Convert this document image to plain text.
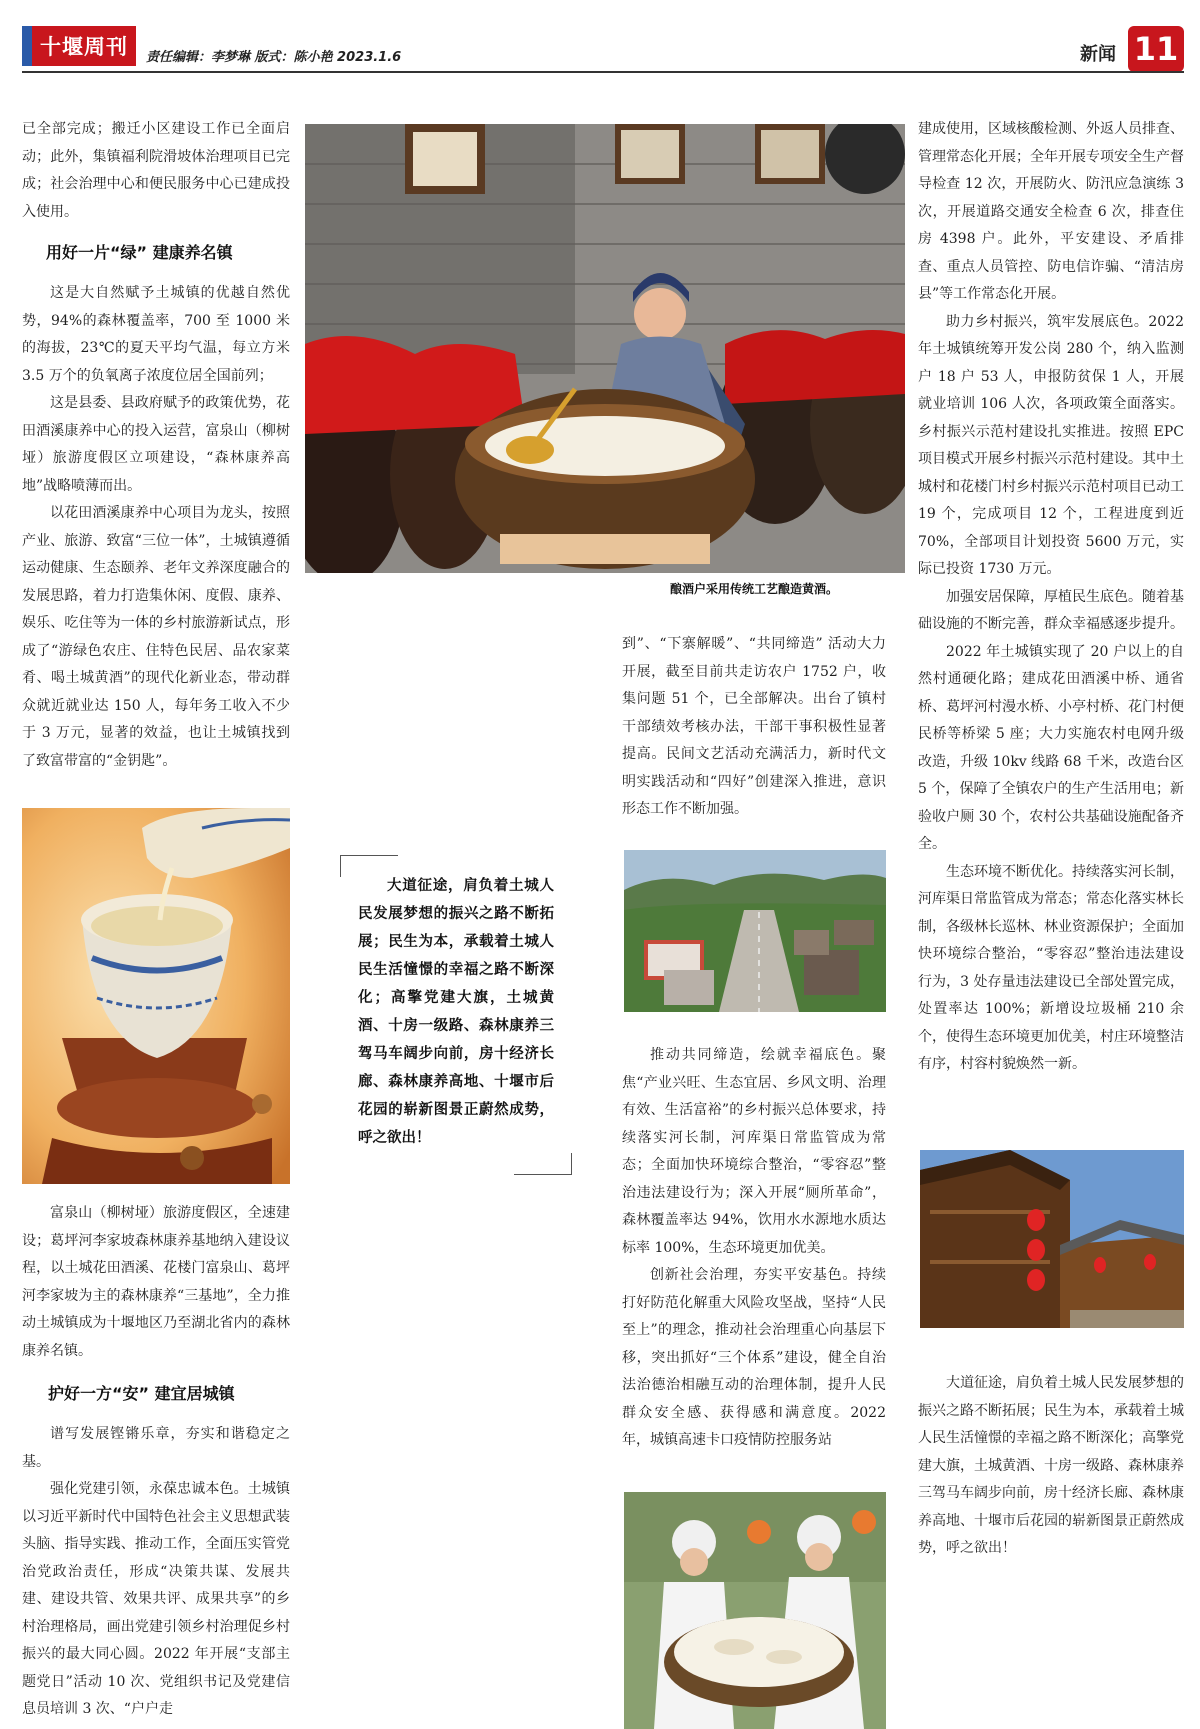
十堰周刊 责任编辑：李梦琳 版式：陈小艳 2023.1.6	新闻 11

已全部完成；搬迁小区建设工作已全面启动；此外，集镇福利院滑坡体治理项目已完成；社会治理中心和便民服务中心已建成投入使用。

用好一片“绿” 建康养名镇

这是大自然赋予土城镇的优越自然优势，94%的森林覆盖率，700 至 1000 米的海拔，23℃的夏天平均气温，每立方米 3.5 万个的负氧离子浓度位居全国前列；

这是县委、县政府赋予的政策优势，花田酒溪康养中心的投入运营，富泉山（柳树垭）旅游度假区立项建设，“森林康养高地”战略喷薄而出。

以花田酒溪康养中心项目为龙头，按照产业、旅游、致富“三位一体”，土城镇遵循运动健康、生态颐养、老年文养深度融合的发展思路，着力打造集休闲、度假、康养、娱乐、吃住等为一体的乡村旅游新试点，形成了“游绿色农庄、住特色民居、品农家菜肴、喝土城黄酒”的现代化新业态，带动群众就近就业达 150 人，每年务工收入不少于 3 万元，显著的效益，也让土城镇找到了致富带富的“金钥匙”。

富泉山（柳树垭）旅游度假区，全速建设；葛坪河李家坡森林康养基地纳入建设议程，以土城花田酒溪、花楼门富泉山、葛坪河李家坡为主的森林康养“三基地”，全力推动土城镇成为十堰地区乃至湖北省内的森林康养名镇。

护好一方“安” 建宜居城镇

谱写发展铿锵乐章，夯实和谐稳定之基。

强化党建引领，永葆忠诚本色。土城镇以习近平新时代中国特色社会主义思想武装头脑、指导实践、推动工作，全面压实管党治党政治责任，形成“决策共谋、发展共建、建设共管、效果共评、成果共享”的乡村治理格局，画出党建引领乡村治理促乡村振兴的最大同心圆。2022 年开展“支部主题党日”活动 10 次、党组织书记及党建信息员培训 3 次、“户户走

酿酒户采用传统工艺酿造黄酒。
大道征途，肩负着土城人民发展梦想的振兴之路不断拓展；民生为本，承载着土城人民生活憧憬的幸福之路不断深化；高擎党建大旗，土城黄酒、十房一级路、森林康养三驾马车阔步向前，房十经济长廊、森林康养高地、十堰市后花园的崭新图景正蔚然成势，呼之欲出！

到”、“下寨解暖”、“共同缔造” 活动大力开展，截至目前共走访农户 1752 户，收集问题 51 个，已全部解决。出台了镇村干部绩效考核办法，干部干事积极性显著提高。民间文艺活动充满活力，新时代文明实践活动和“四好”创建深入推进，意识形态工作不断加强。

推动共同缔造，绘就幸福底色。聚焦“产业兴旺、生态宜居、乡风文明、治理有效、生活富裕”的乡村振兴总体要求，持续落实河长制，河库渠日常监管成为常态；全面加快环境综合整治，“零容忍”整治违法建设行为；深入开展“厕所革命”，森林覆盖率达 94%，饮用水水源地水质达标率 100%，生态环境更加优美。

创新社会治理，夯实平安基色。持续打好防范化解重大风险攻坚战，坚持“人民至上”的理念，推动社会治理重心向基层下移，突出抓好“三个体系”建设，健全自治法治德治相融互动的治理体制，提升人民群众安全感、获得感和满意度。2022 年，城镇高速卡口疫情防控服务站

建成使用，区域核酸检测、外返人员排查、管理常态化开展；全年开展专项安全生产督导检查 12 次，开展防火、防汛应急演练 3 次，开展道路交通安全检查 6 次，排查住房 4398 户。此外，平安建设、矛盾排查、重点人员管控、防电信诈骗、“清洁房县”等工作常态化开展。

助力乡村振兴，筑牢发展底色。2022 年土城镇统筹开发公岗 280 个，纳入监测户 18 户 53 人，申报防贫保 1 人，开展就业培训 106 人次，各项政策全面落实。乡村振兴示范村建设扎实推进。按照 EPC 项目模式开展乡村振兴示范村建设。其中土城村和花楼门村乡村振兴示范村项目已动工 19 个，完成项目 12 个，工程进度到近 70%，全部项目计划投资 5600 万元，实际已投资 1730 万元。

加强安居保障，厚植民生底色。随着基础设施的不断完善，群众幸福感逐步提升。

2022 年土城镇实现了 20 户以上的自然村通硬化路；建成花田酒溪中桥、通省桥、葛坪河村漫水桥、小亭村桥、花门村便民桥等桥梁 5 座；大力实施农村电网升级改造，升级 10kv 线路 68 千米，改造台区 5 个，保障了全镇农户的生产生活用电；新验收户厕 30 个，农村公共基础设施配备齐全。

生态环境不断优化。持续落实河长制，河库渠日常监管成为常态；常态化落实林长制，各级林长巡林、林业资源保护；全面加快环境综合整治，“零容忍”整治违法建设行为，3 处存量违法建设已全部处置完成，处置率达 100%；新增设垃圾桶 210 余个，使得生态环境更加优美，村庄环境整洁有序，村容村貌焕然一新。

大道征途，肩负着土城人民发展梦想的振兴之路不断拓展；民生为本，承载着土城人民生活憧憬的幸福之路不断深化；高擎党建大旗，土城黄酒、十房一级路、森林康养三驾马车阔步向前，房十经济长廊、森林康养高地、十堰市后花园的崭新图景正蔚然成势，呼之欲出！
